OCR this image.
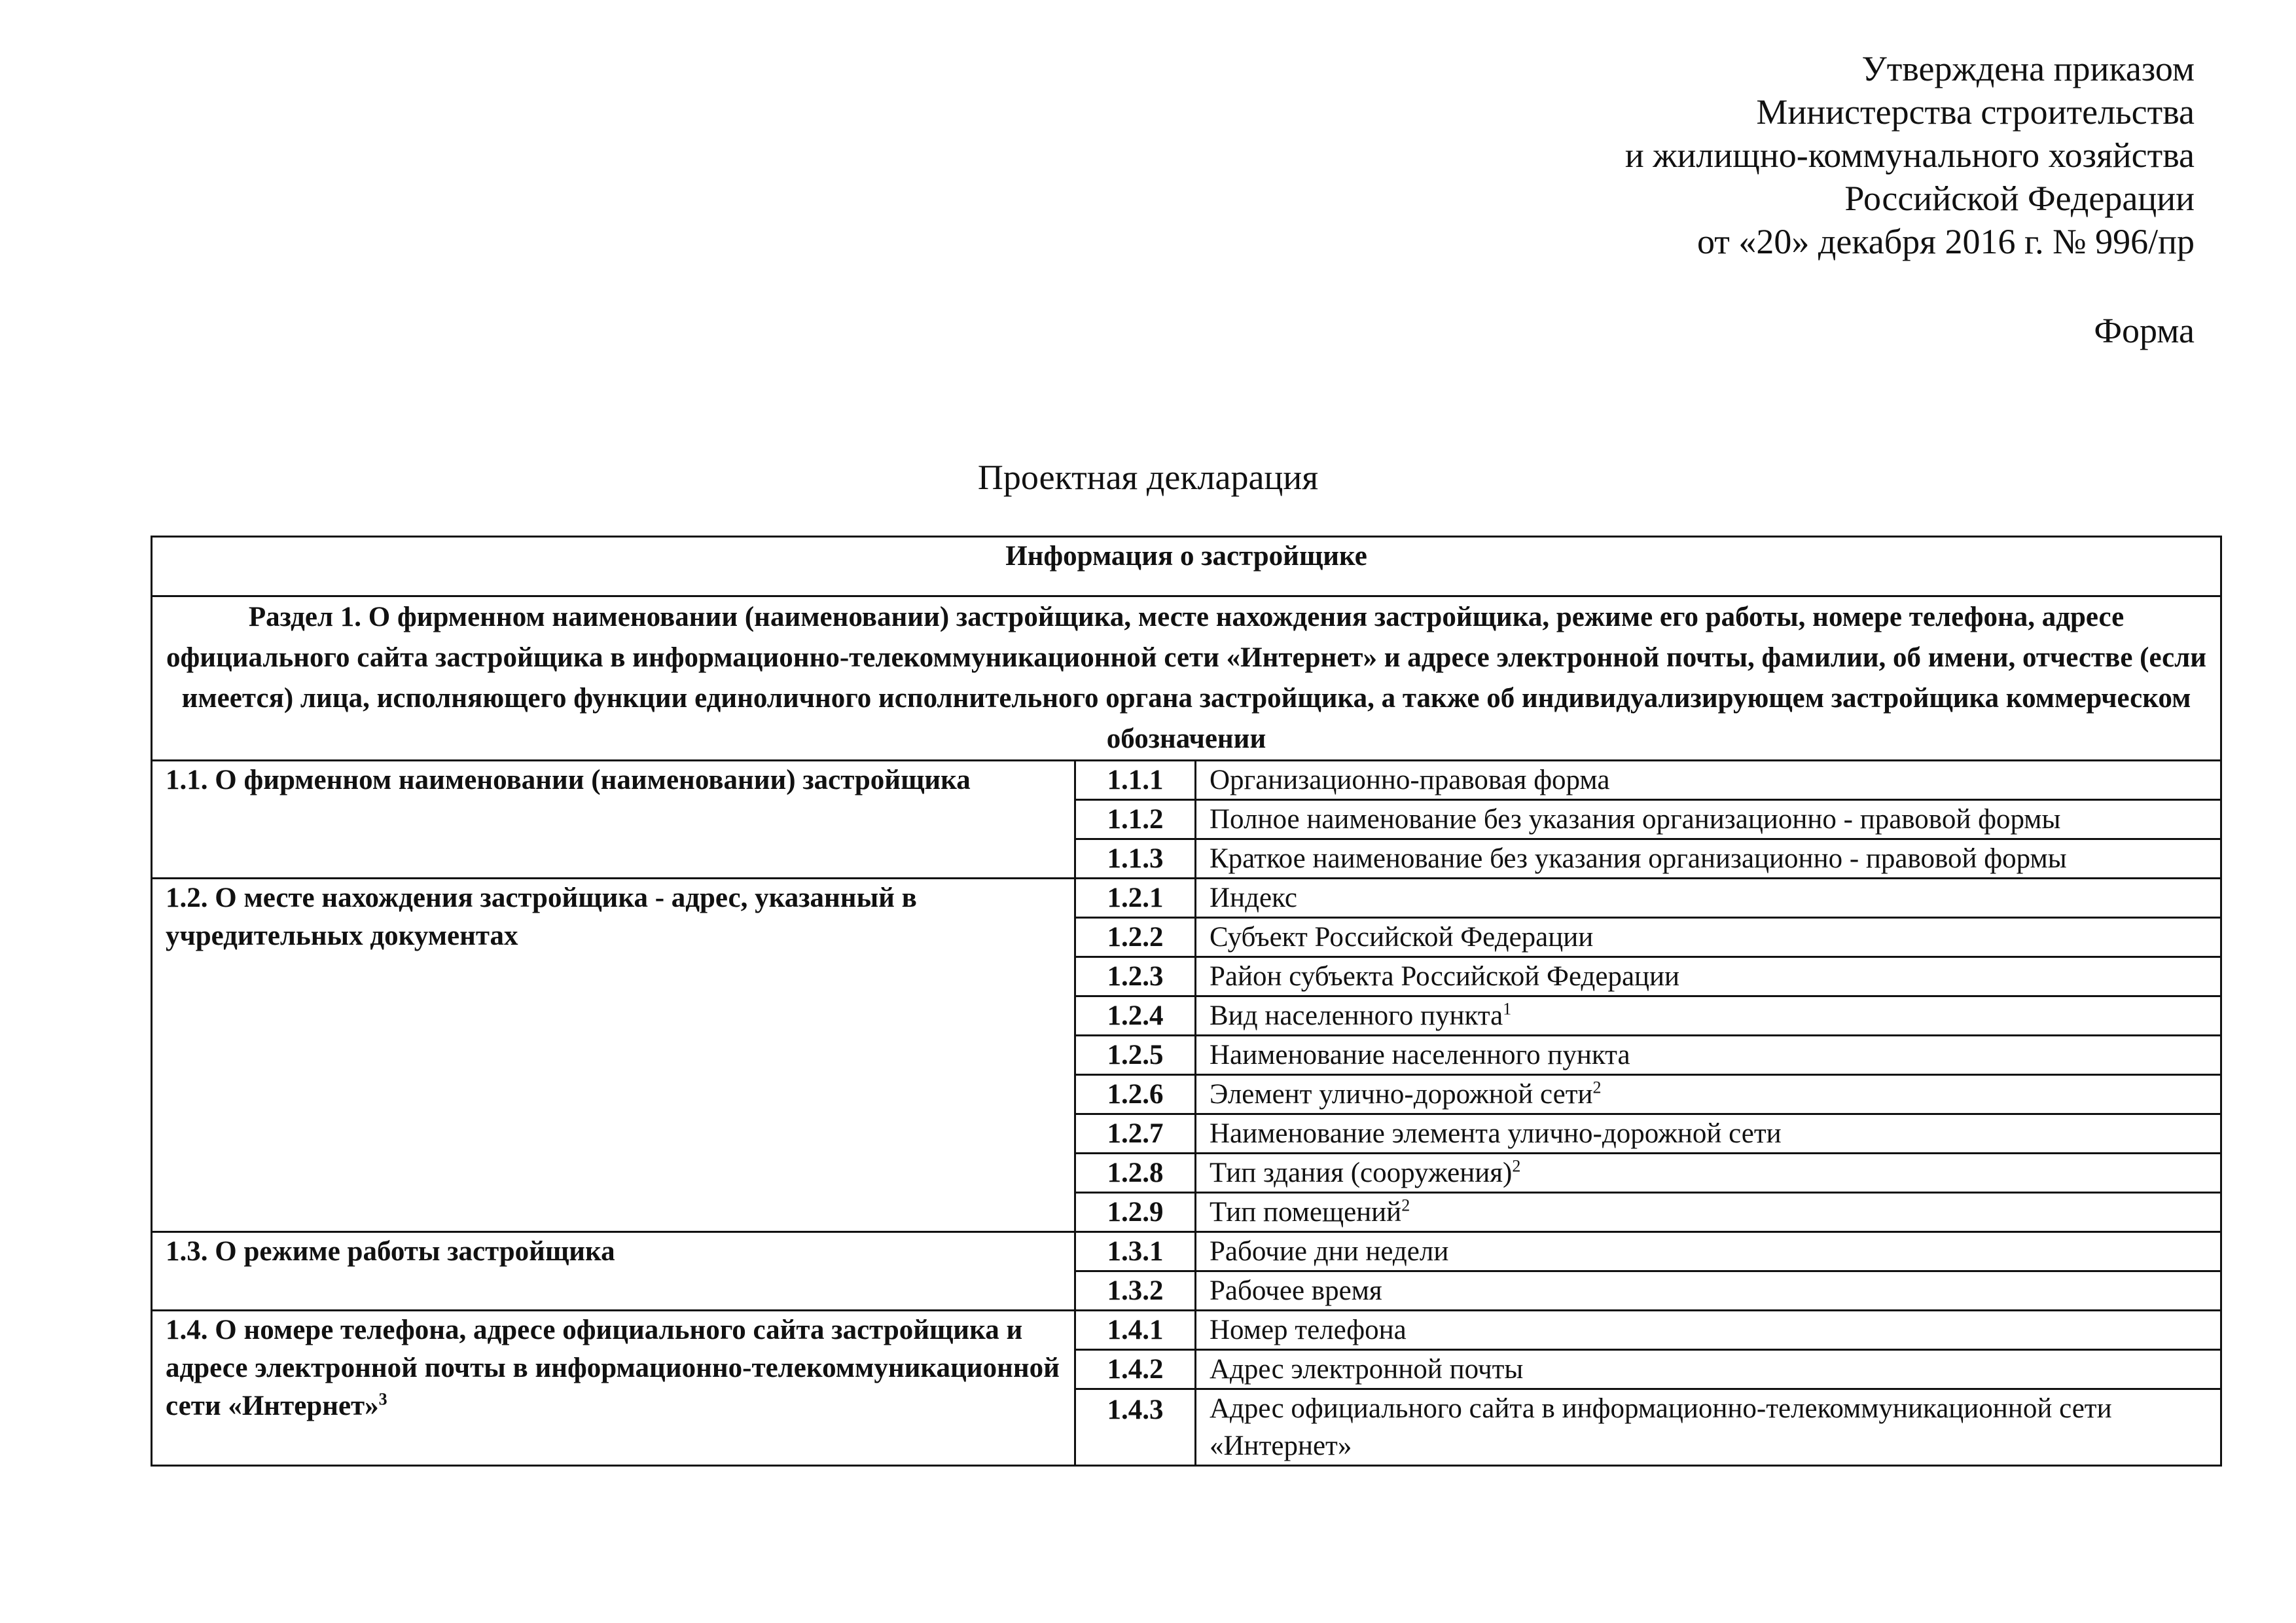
Утверждена приказом
Министерства строительства
и жилищно-коммунального хозяйства
Российской Федерации
от «20» декабря 2016 г. № 996/пр
Форма
Проектная декларация
Информация о застройщике		
Раздел 1. О фирменном наименовании (наименовании) застройщика, месте нахождения застройщика, режиме его работы, номере телефона, адресе официального сайта застройщика в информационно-телекоммуникационной сети «Интернет» и адресе электронной почты, фамилии, об имени, отчестве (если имеется) лица, исполняющего функции единоличного исполнительного органа застройщика, а также об индивидуализирующем застройщика коммерческом обозначении		
1.1. О фирменном наименовании (наименовании) застройщика	1.1.1	Организационно-правовая форма
	1.1.2	Полное наименование без указания организационно - правовой формы
	1.1.3	Краткое наименование без указания организационно - правовой формы
1.2. О месте нахождения застройщика - адрес, указанный в учредительных документах	1.2.1	Индекс
	1.2.2	Субъект Российской Федерации
	1.2.3	Район субъекта Российской Федерации
	1.2.4	Вид населенного пункта$^1$
	1.2.5	Наименование населенного пункта
	1.2.6	Элемент улично-дорожной сети$^2$
	1.2.7	Наименование элемента улично-дорожной сети
	1.2.8	Тип здания (сооружения)$^2$
	1.2.9	Тип помещений$^2$
1.3. О режиме работы застройщика	1.3.1	Рабочие дни недели
	1.3.2	Рабочее время
1.4. О номере телефона, адресе официального сайта застройщика и адресе электронной почты в информационно-телекоммуникационной сети «Интернет»$^3$	1.4.1	Номер телефона
	1.4.2	Адрес электронной почты
	1.4.3	Адрес официального сайта в информационно-телекоммуникационной сети «Интернет»
